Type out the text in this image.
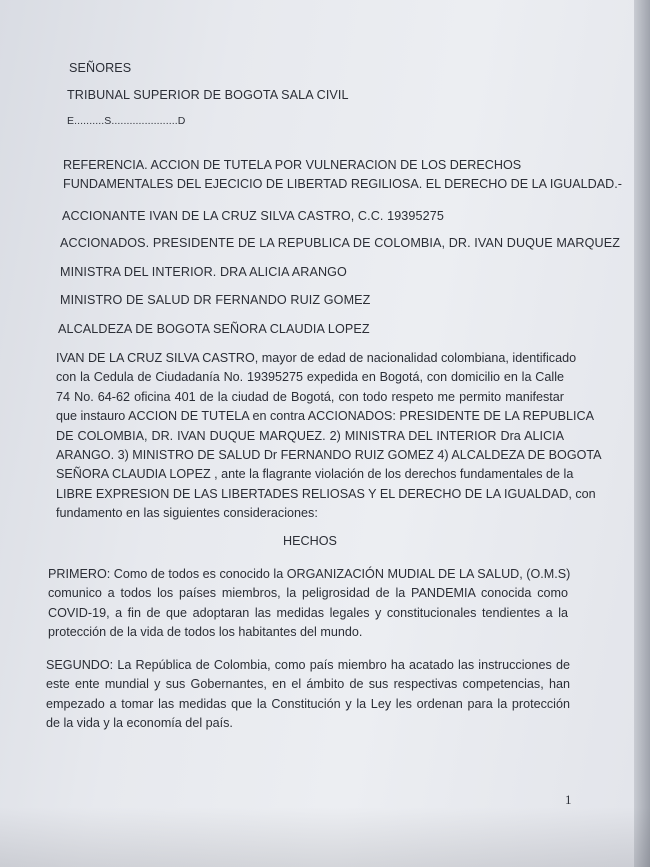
SEÑORES
TRIBUNAL SUPERIOR DE BOGOTA SALA CIVIL
E..........S......................D
REFERENCIA. ACCION DE TUTELA POR VULNERACION DE LOS DERECHOS
FUNDAMENTALES DEL EJECICIO DE LIBERTAD REGILIOSA. EL DERECHO DE LA IGUALDAD.-
ACCIONANTE IVAN DE LA CRUZ SILVA CASTRO, C.C. 19395275
ACCIONADOS. PRESIDENTE DE LA REPUBLICA DE COLOMBIA, DR. IVAN DUQUE MARQUEZ
MINISTRA DEL INTERIOR. DRA ALICIA ARANGO
MINISTRO DE SALUD DR FERNANDO RUIZ GOMEZ
ALCALDEZA DE BOGOTA SEÑORA CLAUDIA LOPEZ
IVAN DE LA CRUZ SILVA CASTRO, mayor de edad de nacionalidad colombiana, identificado
con la Cedula de Ciudadanía No. 19395275 expedida en Bogotá, con domicilio en la Calle
74 No. 64-62 oficina 401 de la ciudad de Bogotá, con todo respeto me permito manifestar
que instauro ACCION DE TUTELA en contra ACCIONADOS: PRESIDENTE DE LA REPUBLICA
DE COLOMBIA, DR. IVAN DUQUE MARQUEZ. 2) MINISTRA DEL INTERIOR Dra ALICIA
ARANGO. 3) MINISTRO DE SALUD Dr FERNANDO RUIZ GOMEZ 4) ALCALDEZA DE BOGOTA
SEÑORA CLAUDIA LOPEZ , ante la flagrante violación de los derechos fundamentales de la
LIBRE EXPRESION DE LAS LIBERTADES RELIOSAS Y EL DERECHO DE LA IGUALDAD, con
fundamento en las siguientes consideraciones:
HECHOS
PRIMERO: Como de todos es conocido la ORGANIZACIÓN MUDIAL DE LA SALUD, (O.M.S)
comunico a todos los países miembros, la peligrosidad de la PANDEMIA conocida como
COVID-19, a fin de que adoptaran las medidas legales y constitucionales tendientes a la
protección de la vida de todos los habitantes del mundo.
SEGUNDO: La República de Colombia, como país miembro ha acatado las instrucciones de
este ente mundial y sus Gobernantes, en el ámbito de sus respectivas competencias, han
empezado a tomar las medidas que la Constitución y la Ley les ordenan para la protección
de la vida y la economía del país.
1
